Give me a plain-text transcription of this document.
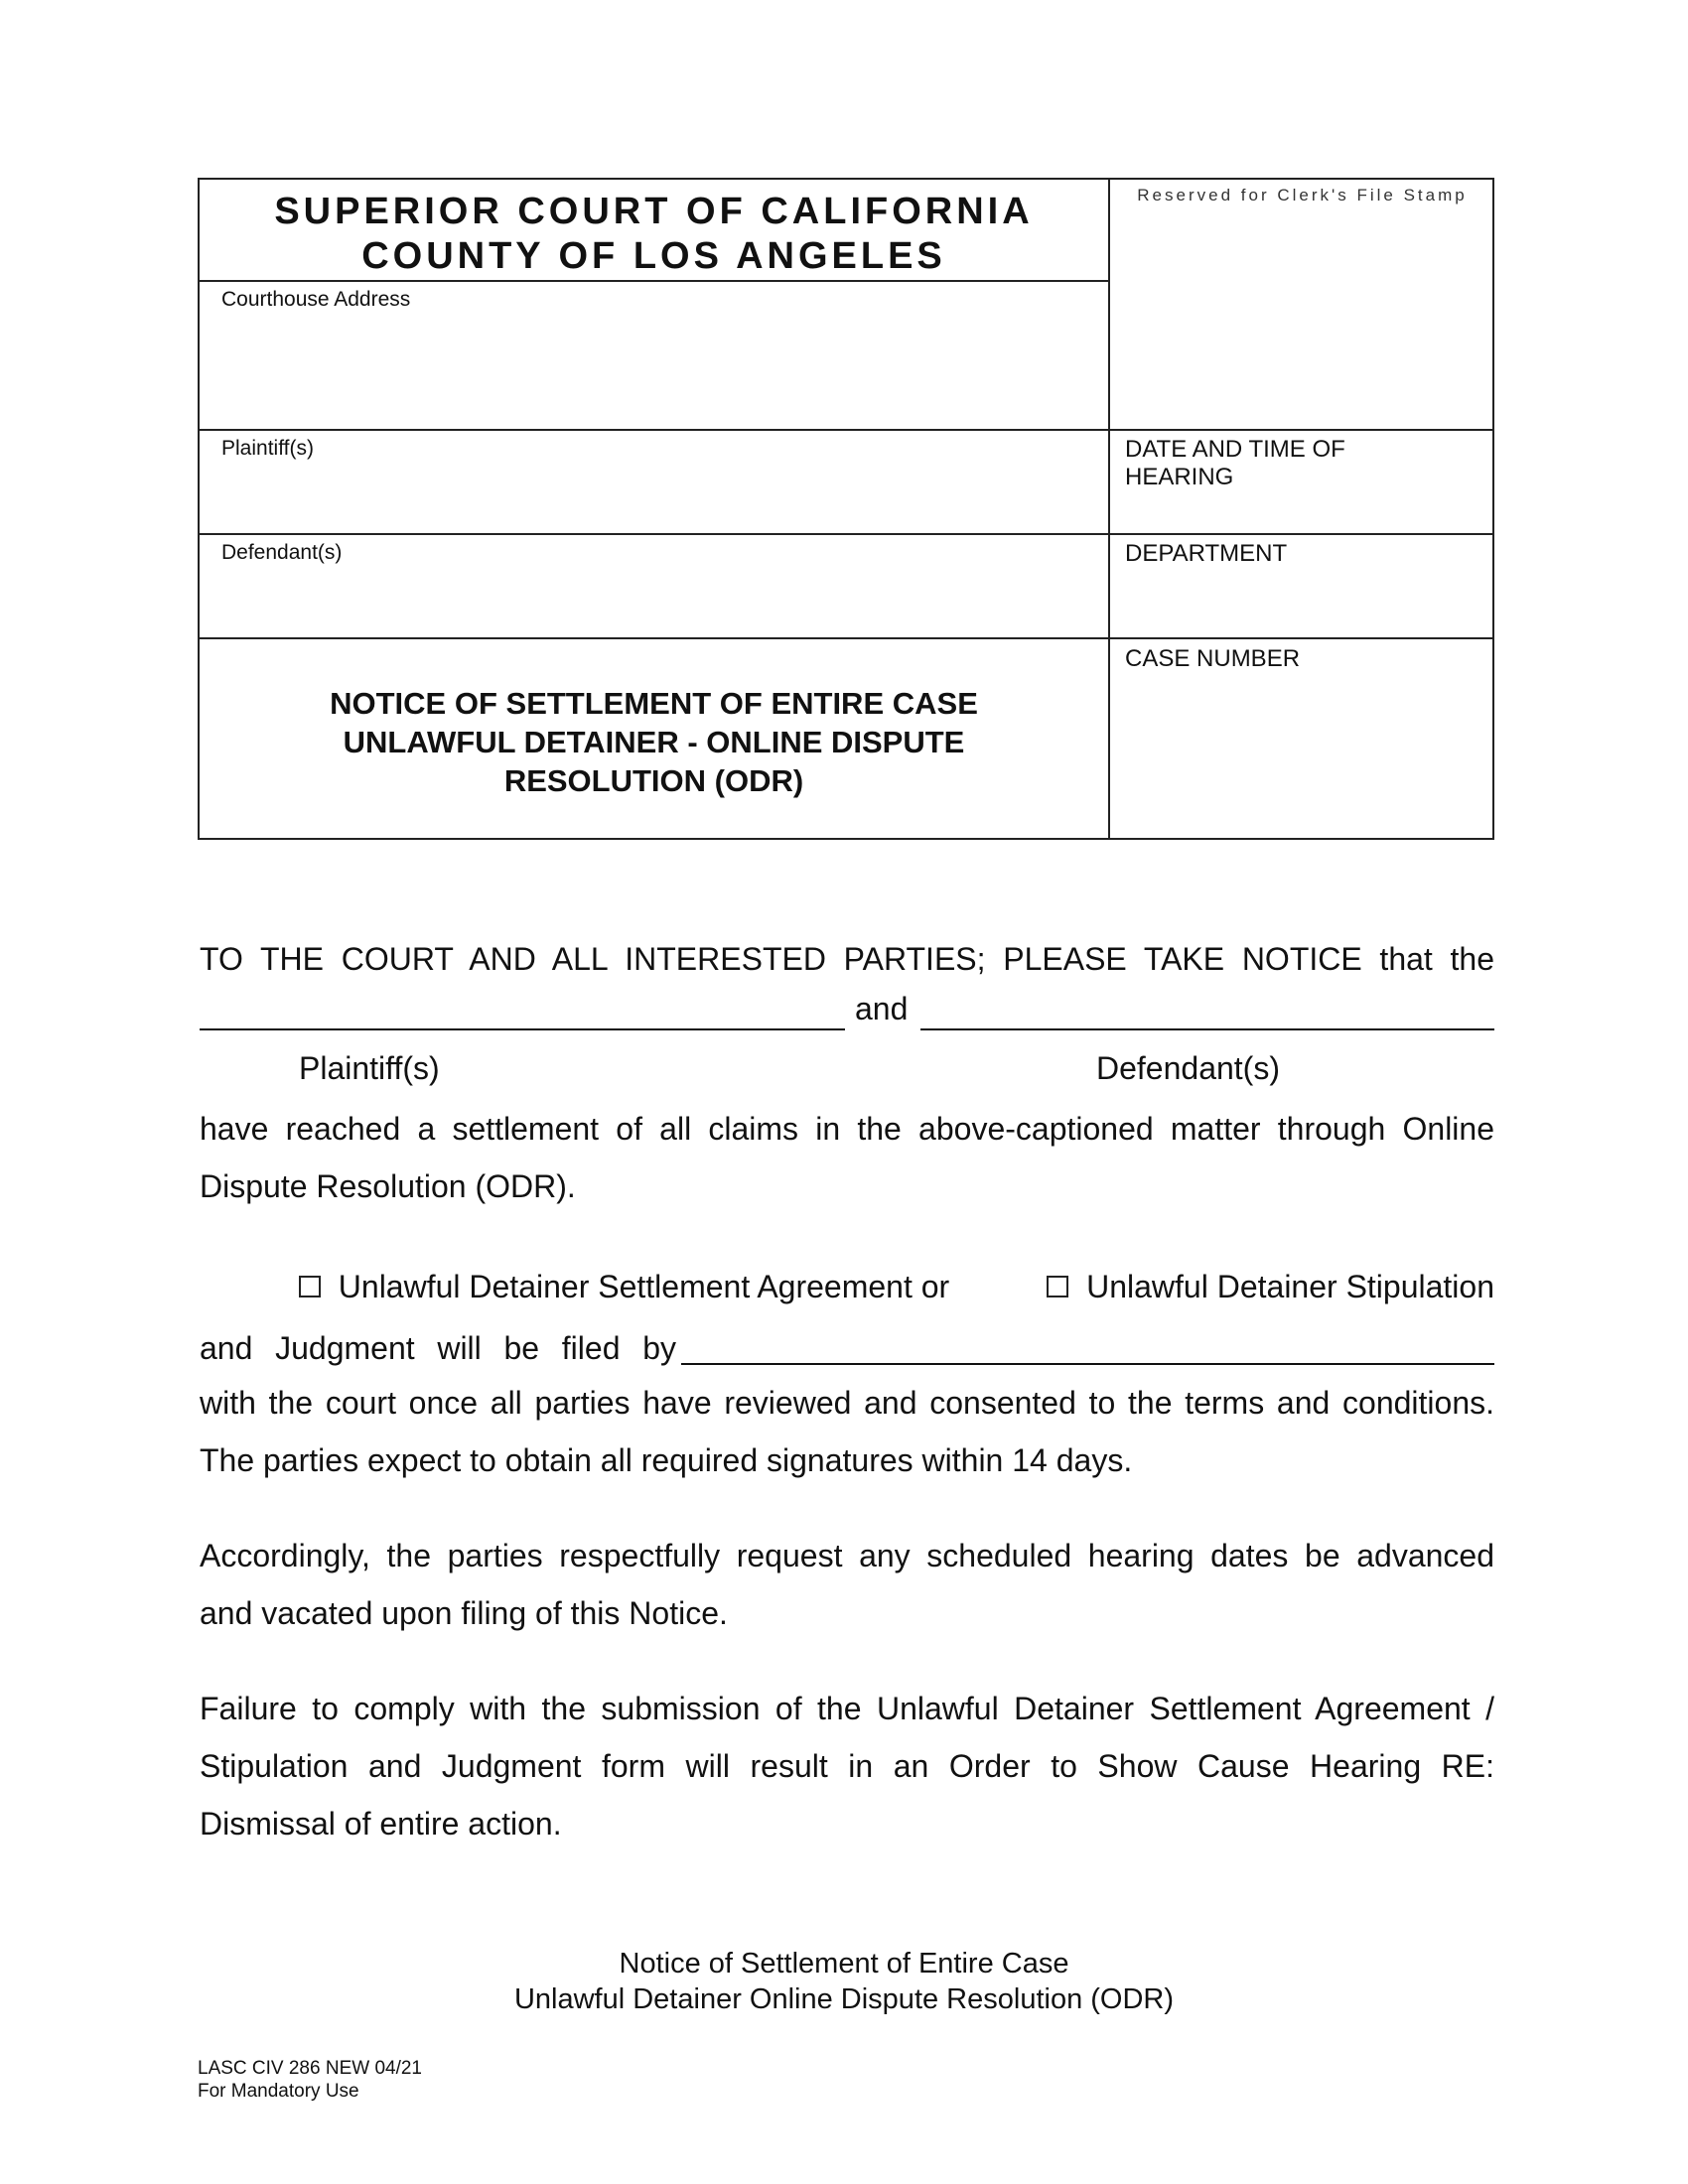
SUPERIOR COURT OF CALIFORNIA
COUNTY OF LOS ANGELES
Reserved for Clerk's File Stamp
Courthouse Address
Plaintiff(s)
Defendant(s)
DATE AND TIME OF
HEARING
DEPARTMENT
CASE NUMBER
NOTICE OF SETTLEMENT OF ENTIRE CASE
UNLAWFUL DETAINER - ONLINE DISPUTE
RESOLUTION (ODR)
TO THE COURT AND ALL INTERESTED PARTIES; PLEASE TAKE NOTICE that the
and
Plaintiff(s)	Defendant(s)
have reached a settlement of all claims in the above-captioned matter through Online
Dispute Resolution (ODR).
Unlawful Detainer Settlement Agreement or	Unlawful Detainer Stipulation
and Judgment will be filed by
with the court once all parties have reviewed and consented to the terms and conditions.
The parties expect to obtain all required signatures within 14 days.
Accordingly, the parties respectfully request any scheduled hearing dates be advanced
and vacated upon filing of this Notice.
Failure to comply with the submission of the Unlawful Detainer Settlement Agreement /
Stipulation and Judgment form will result in an Order to Show Cause Hearing RE:
Dismissal of entire action.
Notice of Settlement of Entire Case
Unlawful Detainer Online Dispute Resolution (ODR)
LASC CIV 286 NEW 04/21
For Mandatory Use
